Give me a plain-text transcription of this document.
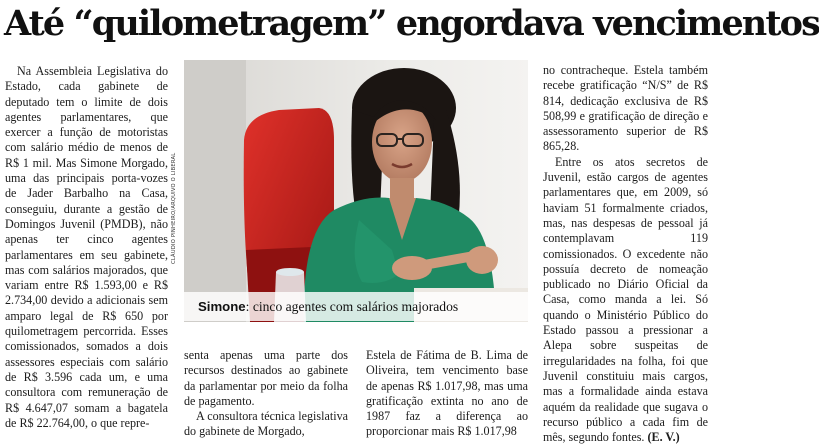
Até “quilometragem” engordava vencimentos

Na Assembleia Legislativa do Estado, cada gabinete de deputado tem o limite de dois agentes parlamentares, que exercer a função de motoristas com salário médio de menos de R$ 1 mil. Mas Simone Morgado, uma das principais porta-vozes de Jader Barbalho na Casa, conseguiu, durante a gestão de Domingos Juvenil (PMDB), não apenas ter cinco agentes parlamentares em seu gabinete, mas com salários majorados, que variam entre R$ 1.593,00 e R$ 2.734,00 devido a adicionais sem amparo legal de R$ 650 por quilometragem percorrida. Esses comissionados, somados a dois assessores especiais com salário de R$ 3.596 cada um, e uma consultora com remuneração de R$ 4.647,07 somam a bagatela de R$ 22.764,00, o que repre-

CLÁUDIO PINHEIRO/ARQUIVO O LIBERAL
Simone: cinco agentes com salários majorados

senta apenas uma parte dos recursos destinados ao gabinete da parlamentar por meio da folha de pagamento.

A consultora técnica legislativa do gabinete de Morgado,

Estela de Fátima de B. Lima de Oliveira, tem vencimento base de apenas R$ 1.017,98, mas uma gratificação extinta no ano de 1987 faz a diferença ao proporcionar mais R$ 1.017,98

no contracheque. Estela também recebe gratificação “N/S” de R$ 814, dedicação exclusiva de R$ 508,99 e gratificação de direção e assessoramento superior de R$ 865,28.

Entre os atos secretos de Juvenil, estão cargos de agentes parlamentares que, em 2009, só haviam 51 formalmente criados, mas, nas despesas de pessoal já contemplavam 119 comissionados. O excedente não possuía decreto de nomeação publicado no Diário Oficial da Casa, como manda a lei. Só quando o Ministério Público do Estado passou a pressionar a Alepa sobre suspeitas de irregularidades na folha, foi que Juvenil constituiu mais cargos, mas a formalidade ainda estava aquém da realidade que sugava o recurso público a cada fim de mês, segundo fontes. (E. V.)
